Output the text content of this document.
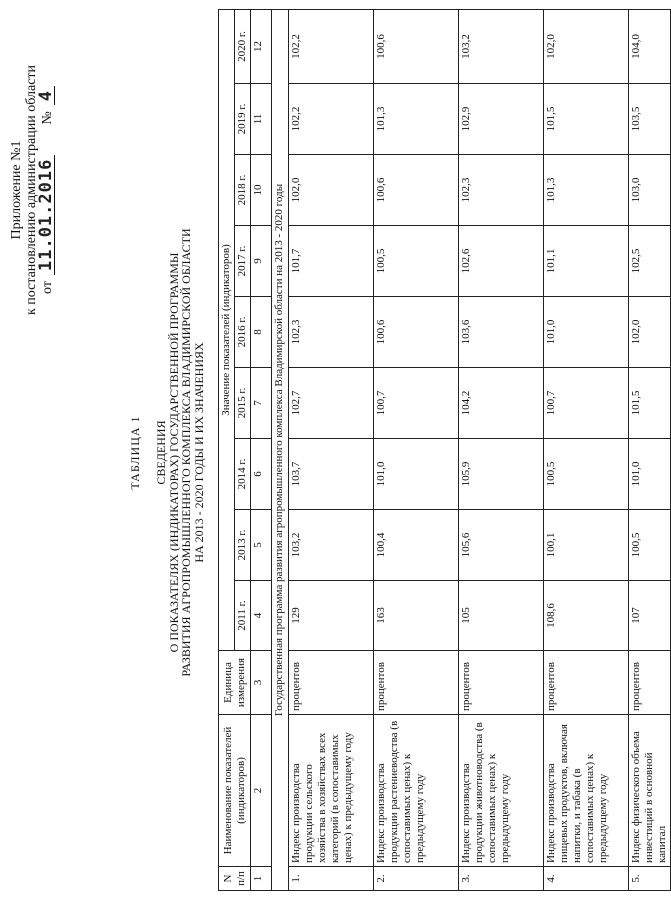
Приложение №1 к постановлению администрации области от
11.01.2016
№
4
ТАБЛИЦА 1 СВЕДЕНИЯ
О ПОКАЗАТЕЛЯХ (ИНДИКАТОРАХ) ГОСУДАРСТВЕННОЙ ПРОГРАММЫ
РАЗВИТИЯ АГРОПРОМЫШЛЕННОГО КОМПЛЕКСА ВЛАДИМИРСКОЙ ОБЛАСТИ
НА 2013 - 2020 ГОДЫ И ИХ ЗНАЧЕНИЯХ
N п/п	Наименование показателей (индикаторов)	Единица измерения	Значение показателей (индикаторов)								
			2011 г.	2013 г.	2014 г.	2015 г.	2016 г.	2017 г.	2018 г.	2019 г.	2020 г.
1	2	3	4	5	6	7	8	9	10	11	12
Государственная программа развития агропромышленного комплекса Владимирской области на 2013 - 2020 годы											
1.	Индекс производства продукции сельского хозяйства в хозяйствах всех категорий (в сопоставимых ценах) к предыдущему году	процентов	129	103,2	103,7	102,7	102,3	101,7	102,0	102,2	102,2
2.	Индекс производства продукции растениеводства (в сопоставимых ценах) к предыдущему году	процентов	163	100,4	101,0	100,7	100,6	100,5	100,6	101,3	100,6
3.	Индекс производства продукции животноводства (в сопоставимых ценах) к предыдущему году	процентов	105	105,6	105,9	104,2	103,6	102,6	102,3	102,9	103,2
4.	Индекс производства пищевых продуктов, включая напитки, и табака (в сопоставимых ценах) к предыдущему году	процентов	108,6	100,1	100,5	100,7	101,0	101,1	101,3	101,5	102,0
5.	Индекс физического объема инвестиций в основной капитал	процентов	107	100,5	101,0	101,5	102,0	102,5	103,0	103,5	104,0
